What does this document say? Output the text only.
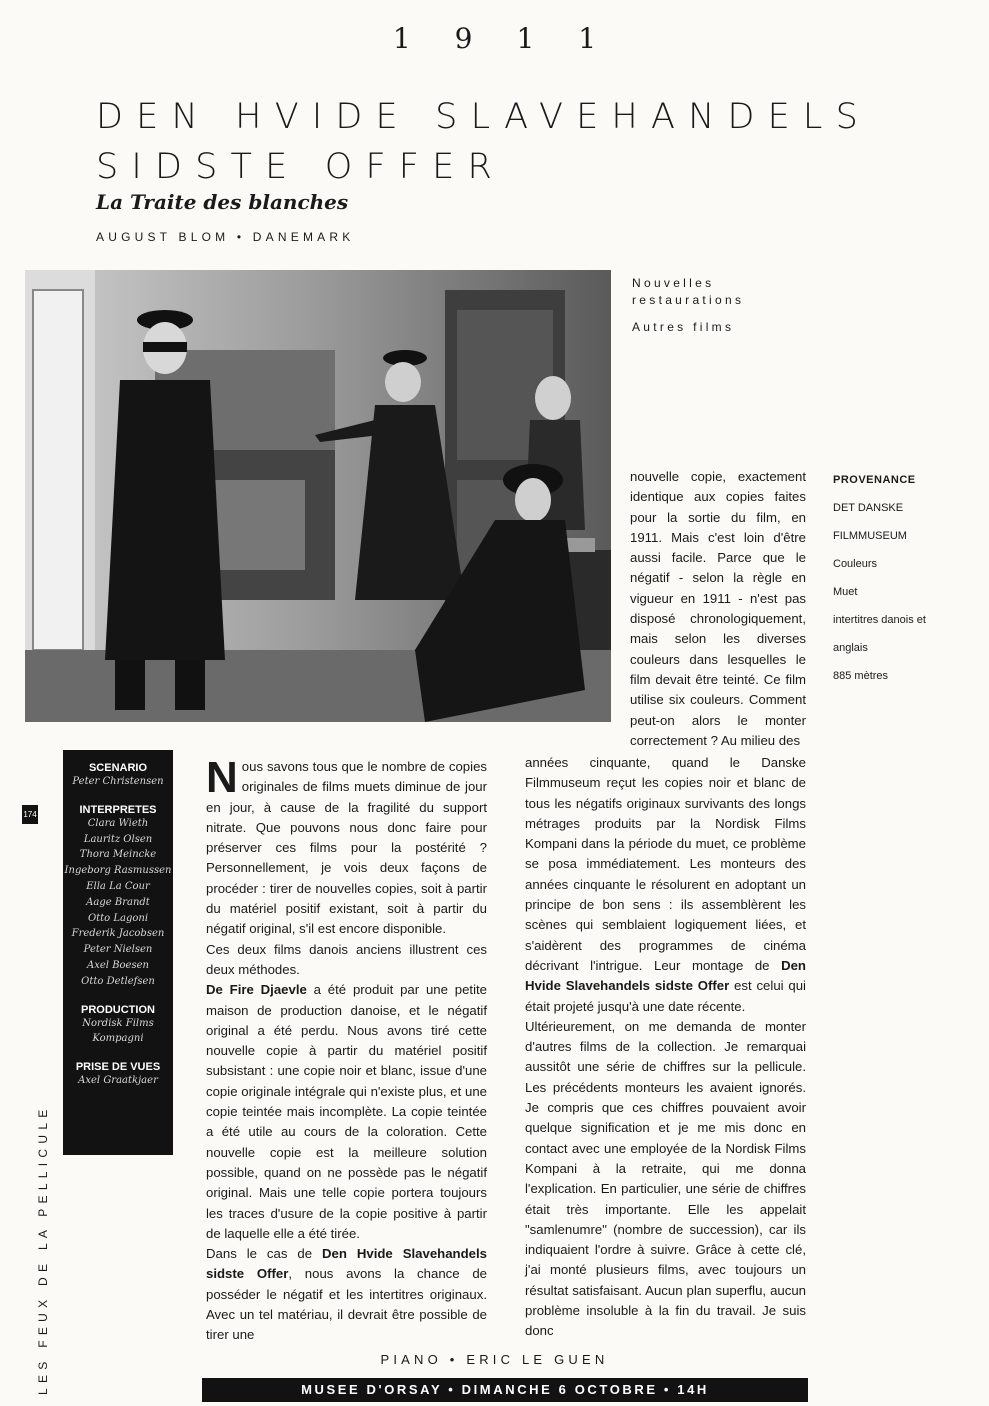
1911
DEN HVIDE SLAVEHANDELS
SIDSTE OFFER
La Traite des blanches
AUGUST BLOM • DANEMARK
Nouvelles restaurations
Autres films
PROVENANCE
DET DANSKE
FILMMUSEUM
Couleurs
Muet
intertitres danois et
anglais
885 mètres
SCENARIO
Peter Christensen
INTERPRETES
Clara Wieth
Lauritz Olsen
Thora Meincke
Ingeborg Rasmussen
Ella La Cour
Aage Brandt
Otto Lagoni
Frederik Jacobsen
Peter Nielsen
Axel Boesen
Otto Detlefsen
PRODUCTION
Nordisk Films
Kompagni
PRISE DE VUES
Axel Graatkjaer
174
LES FEUX DE LA PELLICULE

Nous savons tous que le nombre de copies originales de films muets diminue de jour en jour, à cause de la fragilité du support nitrate. Que pouvons nous donc faire pour préserver ces films pour la postérité ? Personnellement, je vois deux façons de procéder : tirer de nouvelles copies, soit à partir du matériel positif existant, soit à partir du négatif original, s'il est encore disponible.

Ces deux films danois anciens illustrent ces deux méthodes.

De Fire Djaevle a été produit par une petite maison de production danoise, et le négatif original a été perdu. Nous avons tiré cette nouvelle copie à partir du matériel positif subsistant : une copie noir et blanc, issue d'une copie originale intégrale qui n'existe plus, et une copie teintée mais incomplète. La copie teintée a été utile au cours de la coloration. Cette nouvelle copie est la meilleure solution possible, quand on ne possède pas le négatif original. Mais une telle copie portera toujours les traces d'usure de la copie positive à partir de laquelle elle a été tirée.

Dans le cas de Den Hvide Slavehandels sidste Offer, nous avons la chance de posséder le négatif et les intertitres originaux. Avec un tel matériau, il devrait être possible de tirer une

nouvelle copie, exactement identique aux copies faites pour la sortie du film, en 1911. Mais c'est loin d'être aussi facile. Parce que le négatif - selon la règle en vigueur en 1911 - n'est pas disposé chronologiquement, mais selon les diverses couleurs dans lesquelles le film devait être teinté. Ce film utilise six couleurs. Comment peut-on alors le monter correctement ? Au milieu des

années cinquante, quand le Danske Filmmuseum reçut les copies noir et blanc de tous les négatifs originaux survivants des longs métrages produits par la Nordisk Films Kompani dans la période du muet, ce problème se posa immédiatement. Les monteurs des années cinquante le résolurent en adoptant un principe de bon sens : ils assemblèrent les scènes qui semblaient logiquement liées, et s'aidèrent des programmes de cinéma décrivant l'intrigue. Leur montage de Den Hvide Slavehandels sidste Offer est celui qui était projeté jusqu'à une date récente.

Ultérieurement, on me demanda de monter d'autres films de la collection. Je remarquai aussitôt une série de chiffres sur la pellicule. Les précédents monteurs les avaient ignorés. Je compris que ces chiffres pouvaient avoir quelque signification et je me mis donc en contact avec une employée de la Nordisk Films Kompani à la retraite, qui me donna l'explication. En particulier, une série de chiffres était très importante. Elle les appelait "samlenumre" (nombre de succession), car ils indiquaient l'ordre à suivre. Grâce à cette clé, j'ai monté plusieurs films, avec toujours un résultat satisfaisant. Aucun plan superflu, aucun problème insoluble à la fin du travail. Je suis donc

PIANO • ERIC LE GUEN
MUSEE D'ORSAY • DIMANCHE 6 OCTOBRE • 14H
